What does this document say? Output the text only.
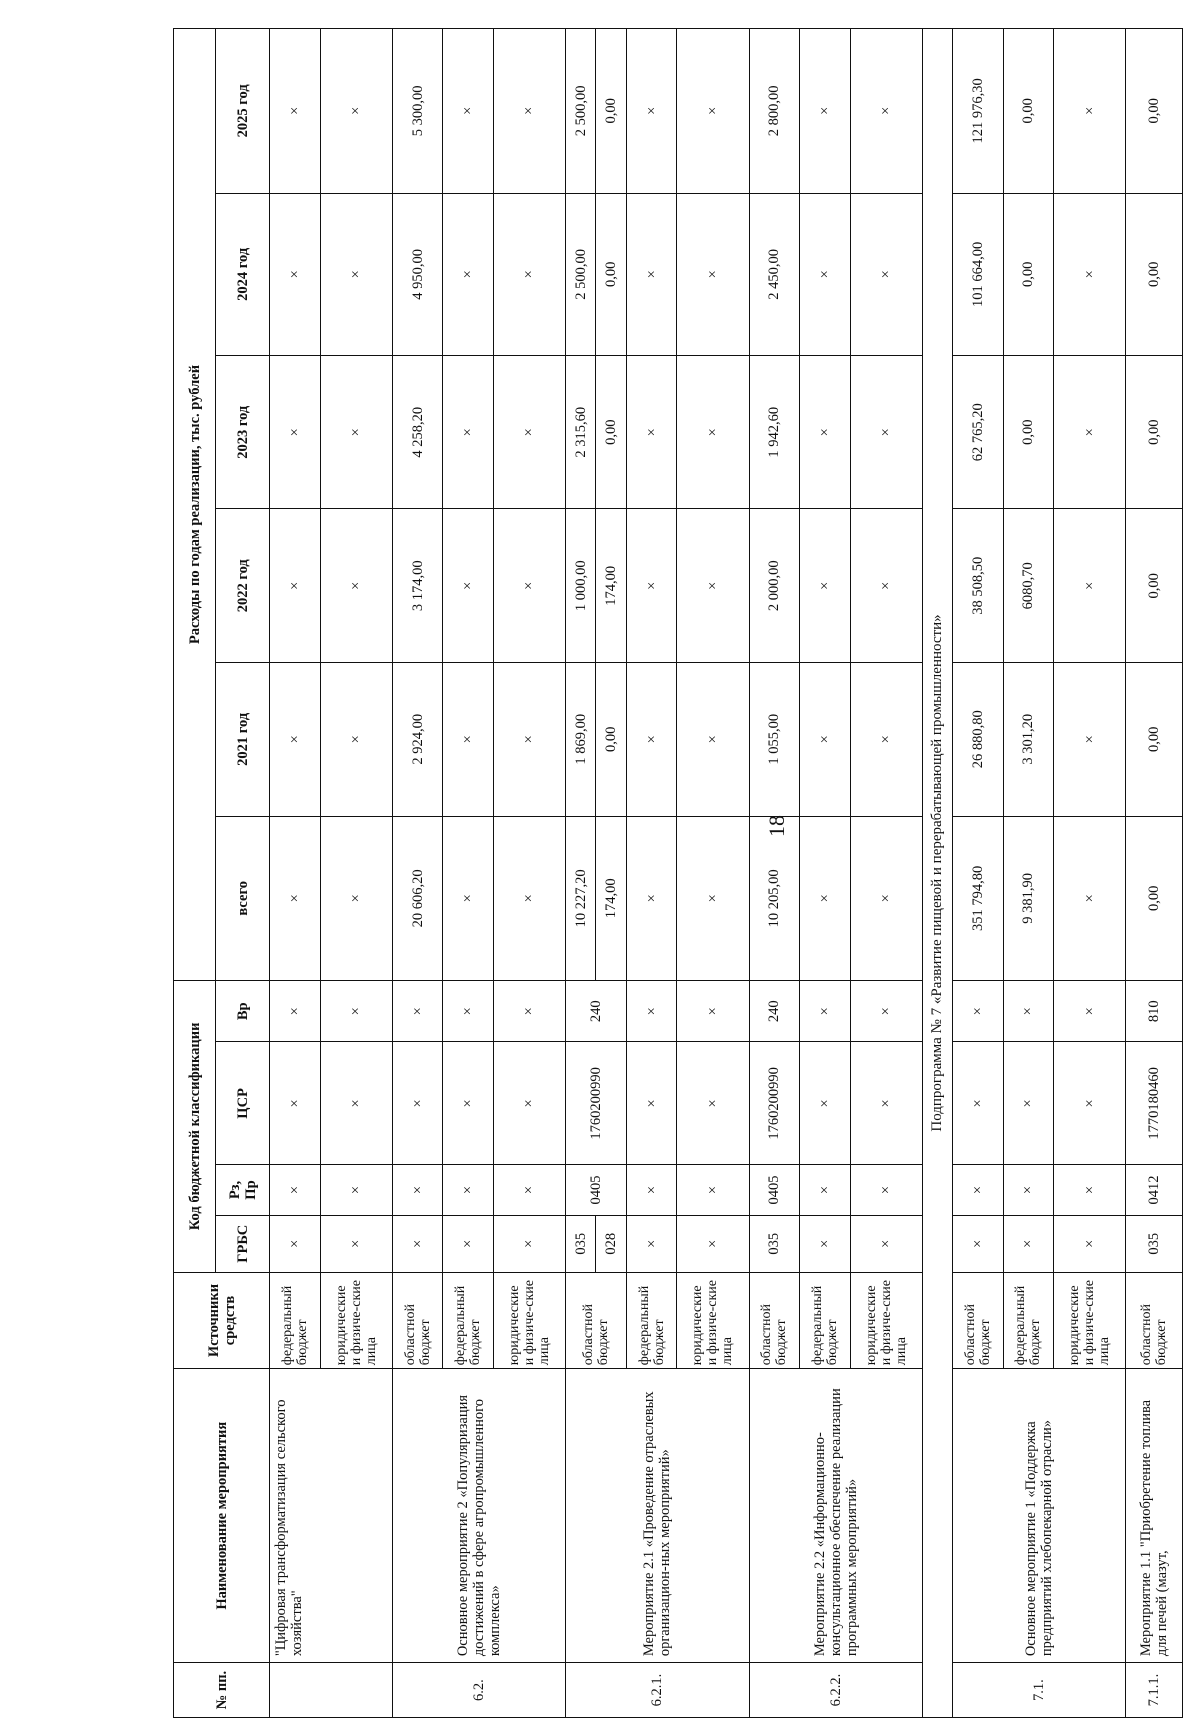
18
№ пп.	Наименование мероприятия	Источники средств	Код бюджетной классификации				Расходы по годам реализации, тыс. рублей					
			ГРБС	Рз, Пр	ЦСР	Вр	всего	2021 год	2022 год	2023 год	2024 год	2025 год
	"Цифровая трансформатизация сельского хозяйства"	федеральный бюджет	×	×	×	×	×	×	×	×	×	×
		юридические и физиче-ские лица	×	×	×	×	×	×	×	×	×	×
6.2.	Основное мероприятие 2 «Популяризация достижений в сфере агропромышленного комплекса»	областной бюджет	×	×	×	×	20 606,20	2 924,00	3 174,00	4 258,20	4 950,00	5 300,00
		федеральный бюджет	×	×	×	×	×	×	×	×	×	×
		юридические и физиче-ские лица	×	×	×	×	×	×	×	×	×	×
6.2.1.	Мероприятие 2.1 «Проведение отраслевых организацион-ных мероприятий»	областной бюджет	035	0405	1760200990	240	10 227,20	1 869,00	1 000,00	2 315,60	2 500,00	2 500,00
			028				174,00	0,00	174,00	0,00	0,00	0,00
		федеральный бюджет	×	×	×	×	×	×	×	×	×	×
		юридические и физиче-ские лица	×	×	×	×	×	×	×	×	×	×
6.2.2.	Мероприятие 2.2 «Информационно-консультационное обеспечение реализации программных мероприятий»	областной бюджет	035	0405	1760200990	240	10 205,00	1 055,00	2 000,00	1 942,60	2 450,00	2 800,00
		федеральный бюджет	×	×	×	×	×	×	×	×	×	×
		юридические и физиче-ские лица	×	×	×	×	×	×	×	×	×	×
Подпрограмма № 7 «Развитие пищевой и перерабатывающей промышленности»												
7.1.	Основное мероприятие 1 «Поддержка предприятий хлебопекарной отрасли»	областной бюджет	×	×	×	×	351 794,80	26 880,80	38 508,50	62 765,20	101 664,00	121 976,30
		федеральный бюджет	×	×	×	×	9 381,90	3 301,20	6080,70	0,00	0,00	0,00
		юридические и физиче-ские лица	×	×	×	×	×	×	×	×	×	×
7.1.1.	Мероприятие 1.1 "Приобретение топлива для печей (мазут,	областной бюджет	035	0412	1770180460	810	0,00	0,00	0,00	0,00	0,00	0,00
